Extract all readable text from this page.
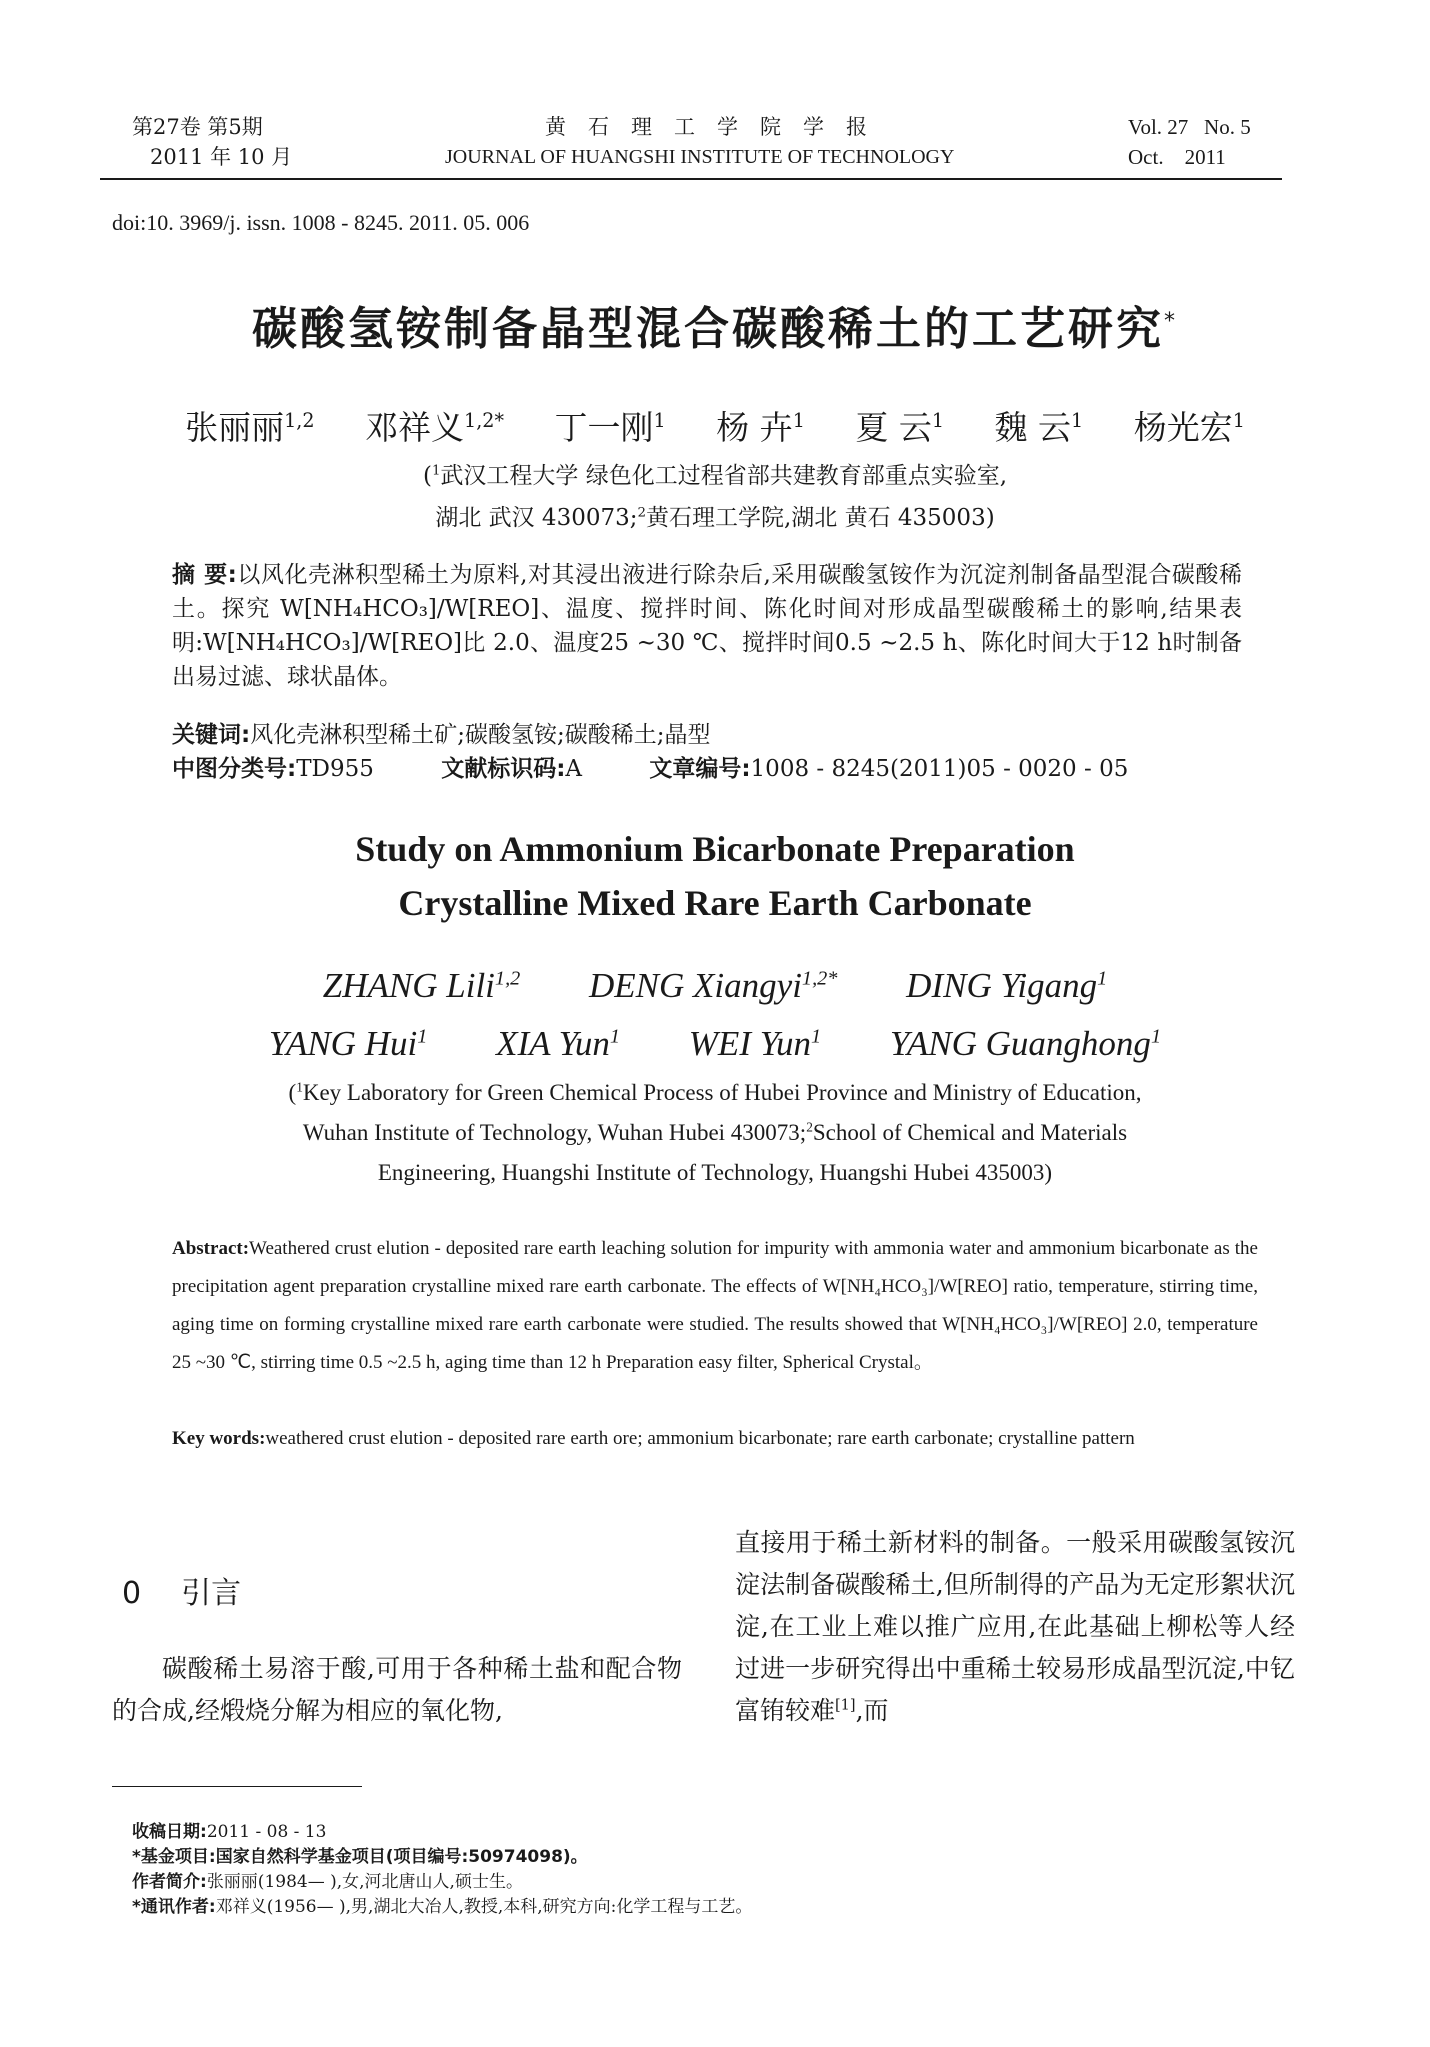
第27卷 第5期
2011 年 10 月
黄石理工学院学报
JOURNAL OF HUANGSHI INSTITUTE OF TECHNOLOGY
Vol. 27   No. 5
Oct.    2011
doi:10. 3969/j. issn. 1008 - 8245. 2011. 05. 006
碳酸氢铵制备晶型混合碳酸稀土的工艺研究*
张丽丽$^{1,2}$ 邓祥义$^{1,2*}$ 丁一刚$^1$ 杨 卉$^1$ 夏 云$^1$ 魏 云$^1$ 杨光宏$^1$
($^1$武汉工程大学 绿色化工过程省部共建教育部重点实验室,
湖北 武汉 430073;$^2$黄石理工学院,湖北 黄石 435003)
摘 要:以风化壳淋积型稀土为原料,对其浸出液进行除杂后,采用碳酸氢铵作为沉淀剂制备晶型混合碳酸稀土。探究 W[NH₄HCO₃]/W[REO]、温度、搅拌时间、陈化时间对形成晶型碳酸稀土的影响,结果表明:W[NH₄HCO₃]/W[REO]比 2.0、温度25 ~30 ℃、搅拌时间0.5 ~2.5 h、陈化时间大于12 h时制备出易过滤、球状晶体。
关键词:风化壳淋积型稀土矿;碳酸氢铵;碳酸稀土;晶型
中图分类号:TD955	文献标识码:A	文章编号:1008 - 8245(2011)05 - 0020 - 05
Study on Ammonium Bicarbonate Preparation
Crystalline Mixed Rare Earth Carbonate
ZHANG Lili$^{1,2}$ DENG Xiangyi$^{1,2*}$ DING Yigang$^1$
YANG Hui$^1$ XIA Yun$^1$ WEI Yun$^1$ YANG Guanghong$^1$
($^1$Key Laboratory for Green Chemical Process of Hubei Province and Ministry of Education,
Wuhan Institute of Technology, Wuhan Hubei 430073;$^2$School of Chemical and Materials
Engineering, Huangshi Institute of Technology, Huangshi Hubei 435003)
Abstract:Weathered crust elution - deposited rare earth leaching solution for impurity with ammonia water and ammonium bicarbonate as the precipitation agent preparation crystalline mixed rare earth carbonate. The effects of W[NH₄HCO₃]/W[REO] ratio, temperature, stirring time, aging time on forming crystalline mixed rare earth carbonate were studied. The results showed that W[NH₄HCO₃]/W[REO] 2.0, temperature 25 ~30 ℃, stirring time 0.5 ~2.5 h, aging time than 12 h Preparation easy filter, Spherical Crystal。
Key words:weathered crust elution - deposited rare earth ore; ammonium bicarbonate; rare earth carbonate; crystalline pattern
0 引言
碳酸稀土易溶于酸,可用于各种稀土盐和配合物的合成,经煅烧分解为相应的氧化物,
直接用于稀土新材料的制备。一般采用碳酸氢铵沉淀法制备碳酸稀土,但所制得的产品为无定形絮状沉淀,在工业上难以推广应用,在此基础上柳松等人经过进一步研究得出中重稀土较易形成晶型沉淀,中钇富铕较难[1],而
收稿日期:2011 - 08 - 13
*基金项目:国家自然科学基金项目(项目编号:50974098)。
作者简介:张丽丽(1984— ),女,河北唐山人,硕士生。
*通讯作者:邓祥义(1956— ),男,湖北大冶人,教授,本科,研究方向:化学工程与工艺。
